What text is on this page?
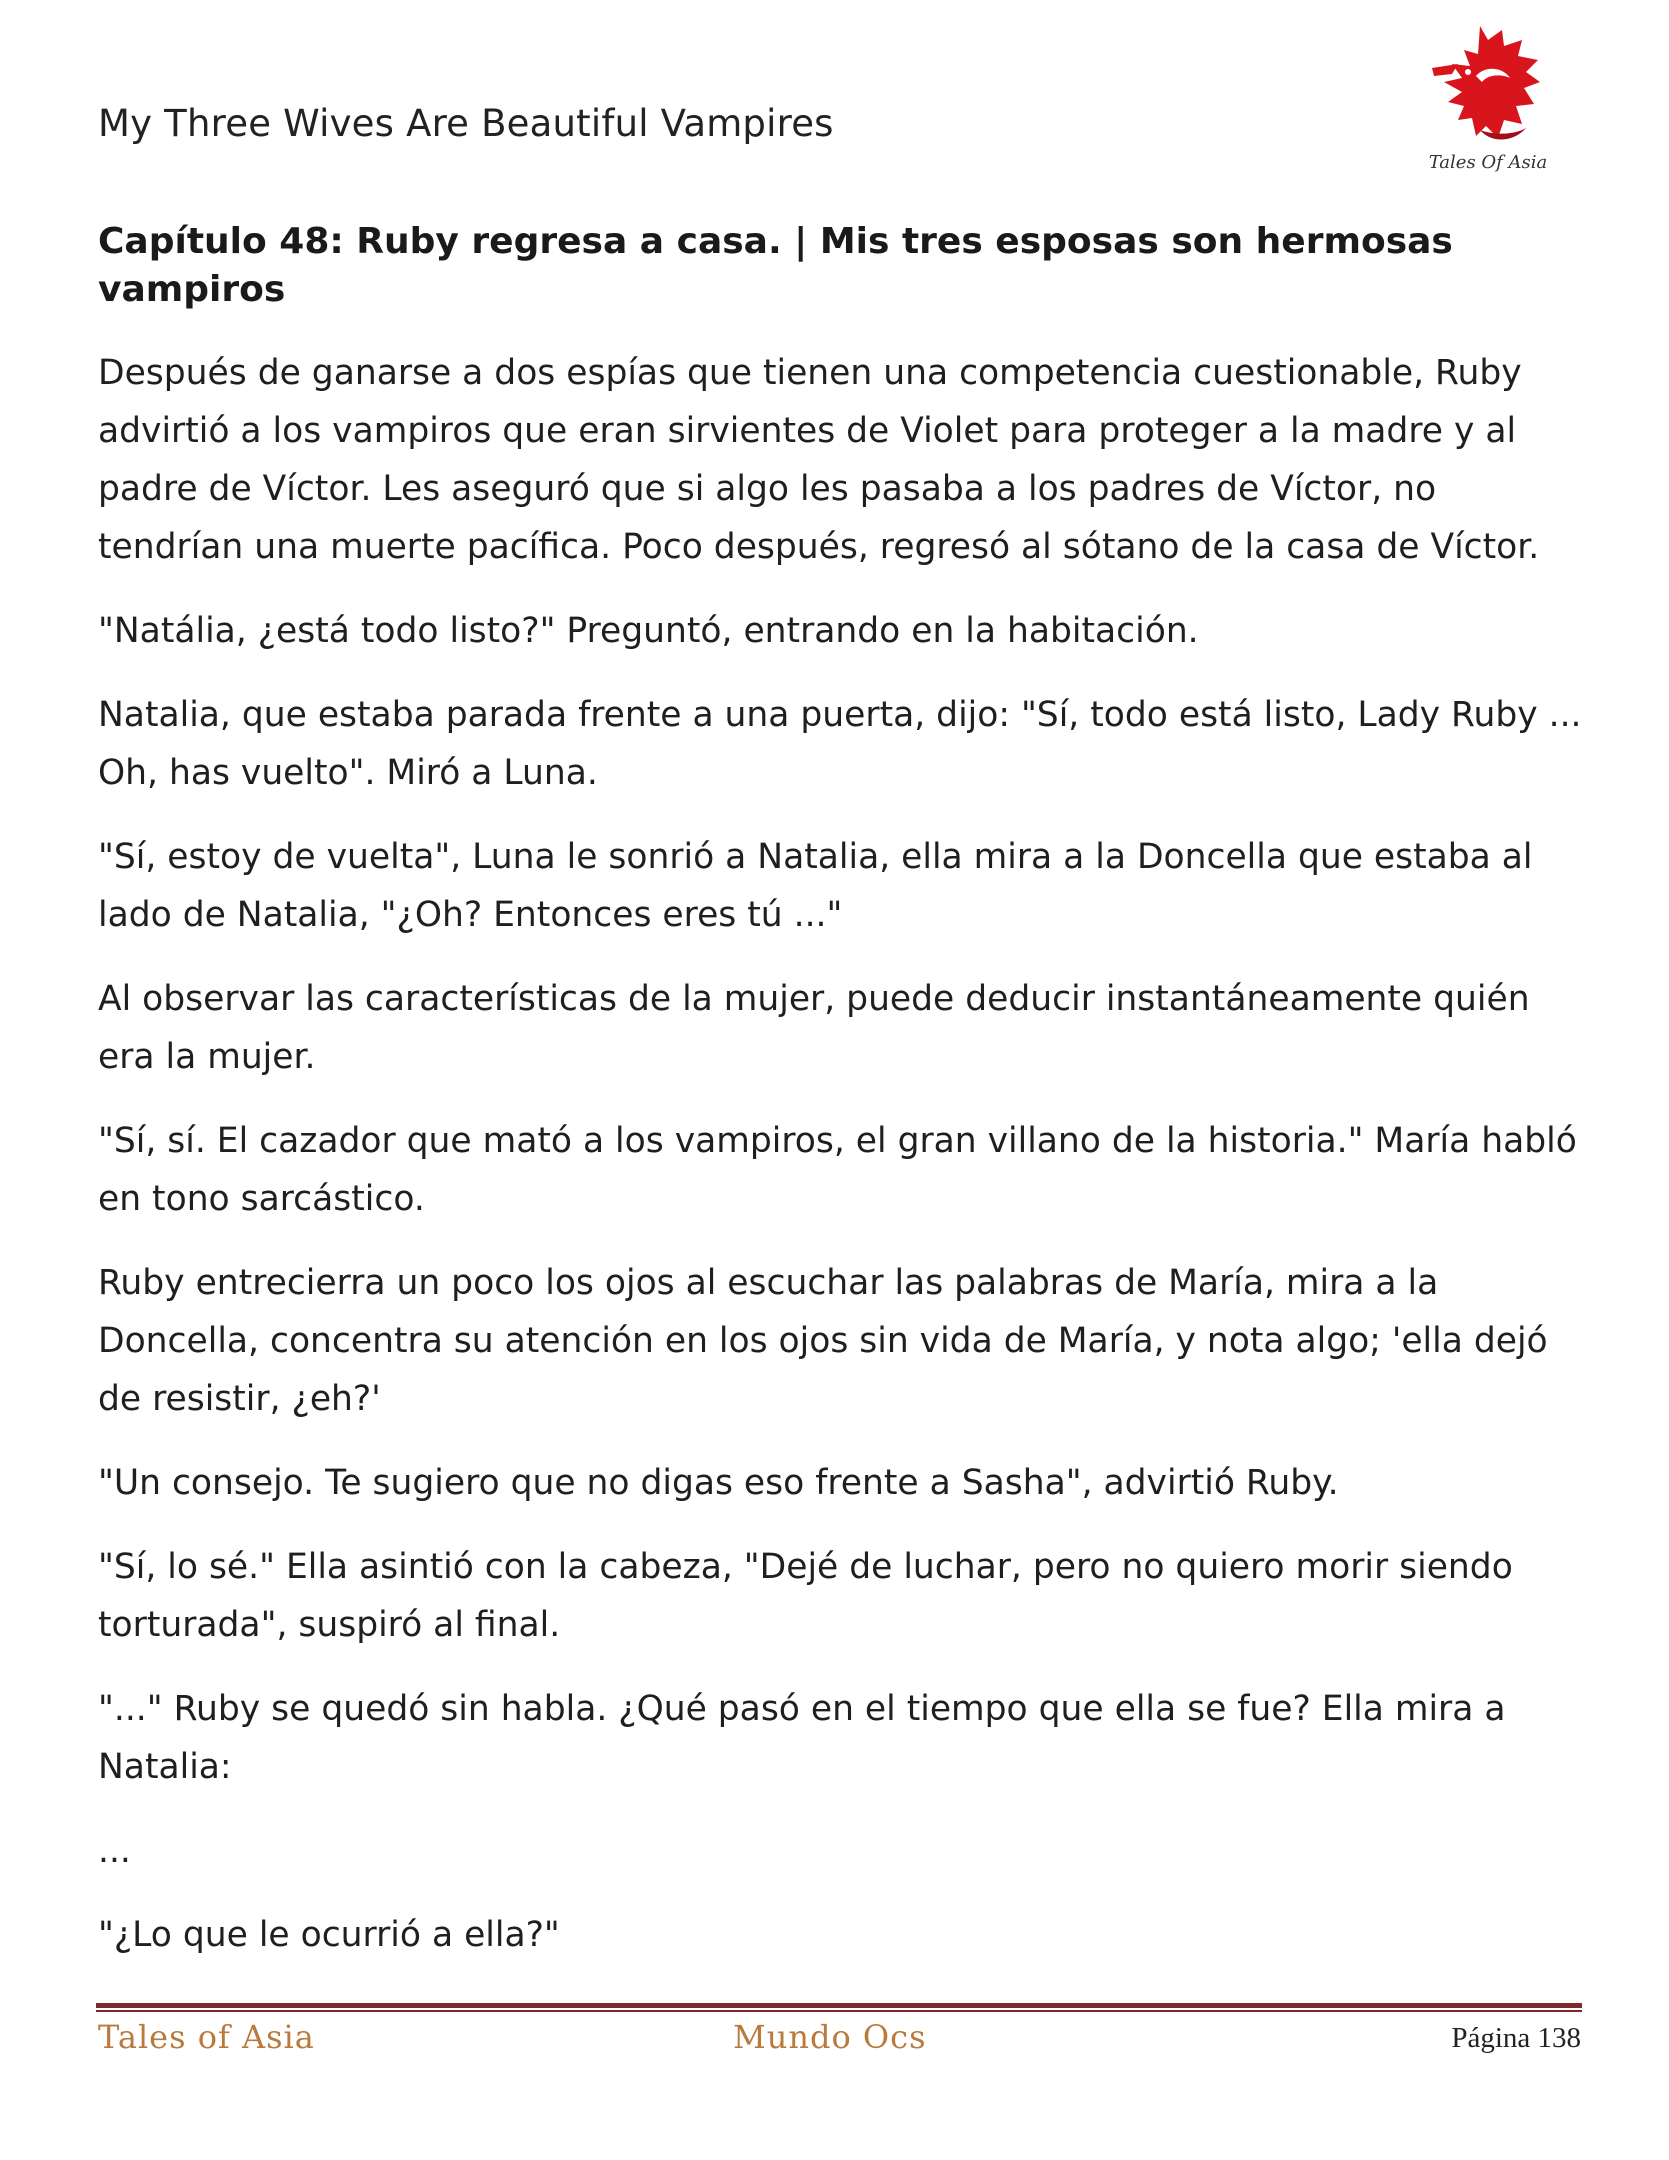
My Three Wives Are Beautiful Vampires
Tales Of Asia
Capítulo 48: Ruby regresa a casa. | Mis tres esposas son hermosas vampiros

Después de ganarse a dos espías que tienen una competencia cuestionable, Ruby advirtió a los vampiros que eran sirvientes de Violet para proteger a la madre y al padre de Víctor. Les aseguró que si algo les pasaba a los padres de Víctor, no tendrían una muerte pacífica. Poco después, regresó al sótano de la casa de Víctor.

"Natália, ¿está todo listo?" Preguntó, entrando en la habitación.

Natalia, que estaba parada frente a una puerta, dijo: "Sí, todo está listo, Lady Ruby ... Oh, has vuelto". Miró a Luna.

"Sí, estoy de vuelta", Luna le sonrió a Natalia, ella mira a la Doncella que estaba al lado de Natalia, "¿Oh? Entonces eres tú ..."

Al observar las características de la mujer, puede deducir instantáneamente quién era la mujer.

"Sí, sí. El cazador que mató a los vampiros, el gran villano de la historia." María habló en tono sarcástico.

Ruby entrecierra un poco los ojos al escuchar las palabras de María, mira a la Doncella, concentra su atención en los ojos sin vida de María, y nota algo; 'ella dejó de resistir, ¿eh?'

"Un consejo. Te sugiero que no digas eso frente a Sasha", advirtió Ruby.

"Sí, lo sé." Ella asintió con la cabeza, "Dejé de luchar, pero no quiero morir siendo torturada", suspiró al final.

"..." Ruby se quedó sin habla. ¿Qué pasó en el tiempo que ella se fue? Ella mira a Natalia:

...

"¿Lo que le ocurrió a ella?"

Tales of Asia	Mundo Ocs	Página 138
